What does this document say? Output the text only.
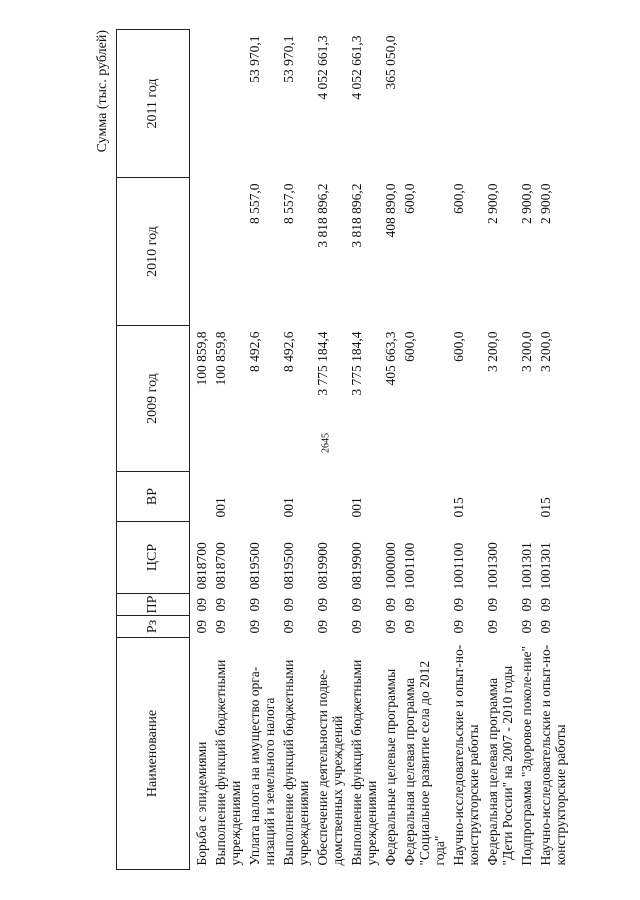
2645
Сумма (тыс. рублей)
Наименование	Рз	ПР	ЦСР	ВР	2009 год	2010 год	2011 год
Борьба с эпидемиями	09	09	0818700		100 859,8		
Выполнение функций бюджетными учреждениями	09	09	0818700	001	100 859,8		
Уплата налога на имущество орга-низаций и земельного налога	09	09	0819500		8 492,6	8 557,0	53 970,1
Выполнение функций бюджетными учреждениями	09	09	0819500	001	8 492,6	8 557,0	53 970,1
Обеспечение деятельности подве-домственных учреждений	09	09	0819900		3 775 184,4	3 818 896,2	4 052 661,3
Выполнение функций бюджетными учреждениями	09	09	0819900	001	3 775 184,4	3 818 896,2	4 052 661,3
Федеральные целевые программы	09	09	1000000		405 663,3	408 890,0	365 050,0
Федеральная целевая программа "Социальное развитие села до 2012 года"	09	09	1001100		600,0	600,0	
Научно-исследовательские и опыт-но-конструкторские работы	09	09	1001100	015	600,0	600,0	
Федеральная целевая программа "Дети России" на 2007 - 2010 годы	09	09	1001300		3 200,0	2 900,0	
Подпрограмма "Здоровое поколе-ние"	09	09	1001301		3 200,0	2 900,0	
Научно-исследовательские и опыт-но-конструкторские работы	09	09	1001301	015	3 200,0	2 900,0	
